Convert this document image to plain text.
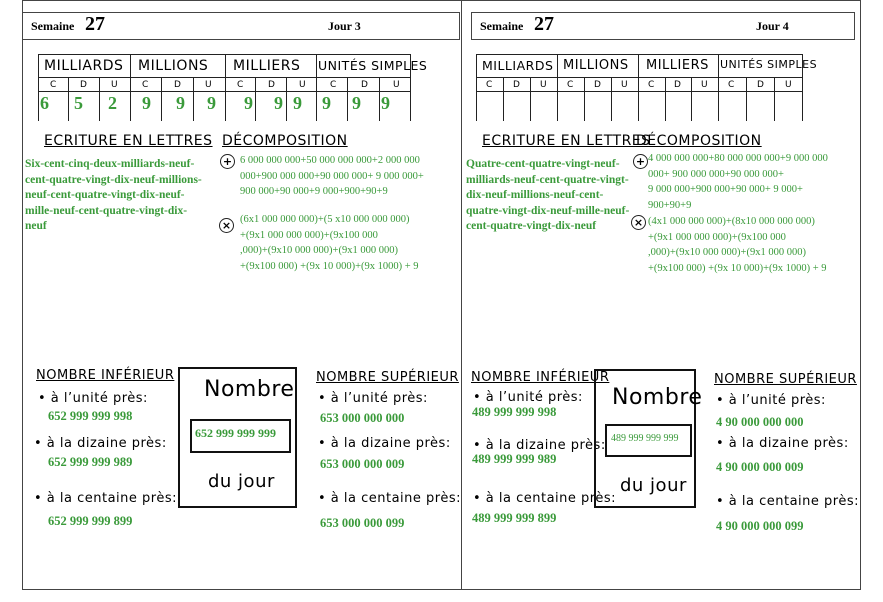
Semaine 27	Jour 3
MILLIARDS MILLIONS MILLIERS UNITÉS SIMPLES
C	D	U	C	D	U	C	D	U	C	D	U
6 5 2 9 9 9 9 9 9 9 9 9
ECRITURE EN LETTRES
Six-cent-cinq-deux-milliards-neuf-cent-quatre-vingt-dix-neuf-millions-neuf-cent-quatre-vingt-dix-neuf-mille-neuf-cent-quatre-vingt-dix-neuf
DÉCOMPOSITION
+ 6 000 000 000+50 000 000 000+2 000 000
000+900 000 000+90 000 000+ 9 000 000+
900 000+90 000+9 000+900+90+9
× (6x1 000 000 000)+(5 x10 000 000 000)
+(9x1 000 000 000)+(9x100 000
,000)+(9x10 000 000)+(9x1 000 000)
+(9x100 000) +(9x 10 000)+(9x 1000) + 9
NOMBRE INFÉRIEUR
• à l’unité près:
652 999 999 998
• à la dizaine près:
652 999 999 989
• à la centaine près:
652 999 999 899
Nombre
du jour
652 999 999 999
NOMBRE SUPÉRIEUR
• à l’unité près:
653 000 000 000
• à la dizaine près:
653 000 000 009
• à la centaine près:
653 000 000 099
Semaine 27	Jour 4
MILLIARDS MILLIONS MILLIERS UNITÉS SIMPLES
C D U C D U C D U C D U
ECRITURE EN LETTRES
Quatre-cent-quatre-vingt-neuf-milliards-neuf-cent-quatre-vingt-dix-neuf-millions-neuf-cent-quatre-vingt-dix-neuf-mille-neuf-cent-quatre-vingt-dix-neuf
DÉCOMPOSITION
+ 4 000 000 000+80 000 000 000+9 000 000
000+ 900 000 000+90 000 000+
9 000 000+900 000+90 000+ 9 000+
900+90+9
× (4x1 000 000 000)+(8x10 000 000 000)
+(9x1 000 000 000)+(9x100 000
,000)+(9x10 000 000)+(9x1 000 000)
+(9x100 000) +(9x 10 000)+(9x 1000) + 9
NOMBRE INFÉRIEUR
• à l’unité près:
489 999 999 998
• à la dizaine près:
489 999 999 989
• à la centaine près:
489 999 999 899
Nombre
du jour
489 999 999 999
NOMBRE SUPÉRIEUR
• à l’unité près:
4 90 000 000 000
• à la dizaine près:
4 90 000 000 009
• à la centaine près:
4 90 000 000 099
